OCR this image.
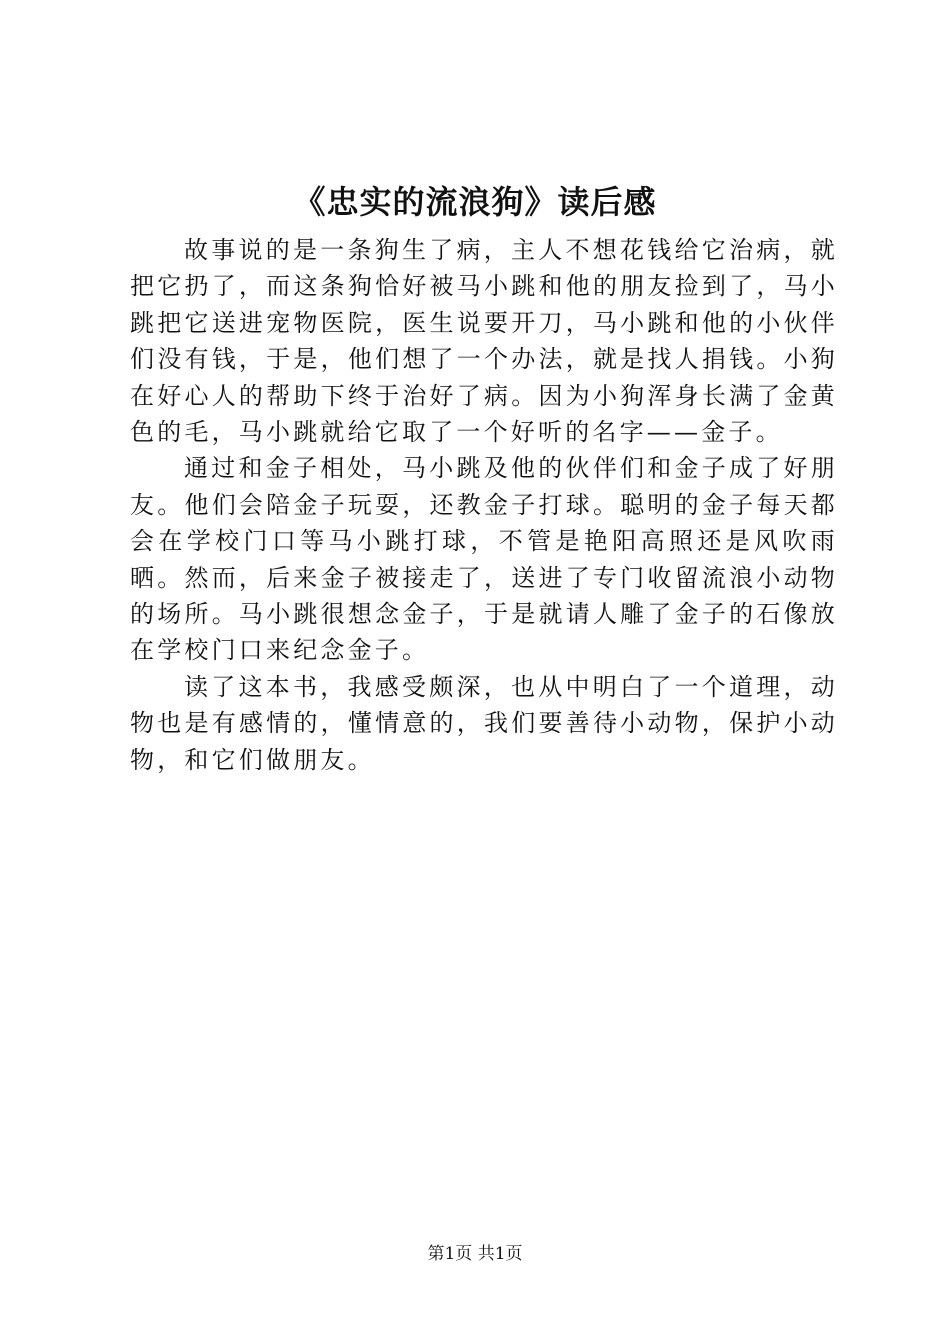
《忠实的流浪狗》读后感

故事说的是一条狗生了病，主人不想花钱给它治病，就把它扔了，而这条狗恰好被马小跳和他的朋友捡到了，马小跳把它送进宠物医院，医生说要开刀，马小跳和他的小伙伴们没有钱，于是，他们想了一个办法，就是找人捐钱。小狗在好心人的帮助下终于治好了病。因为小狗浑身长满了金黄色的毛，马小跳就给它取了一个好听的名字——金子。

通过和金子相处，马小跳及他的伙伴们和金子成了好朋友。他们会陪金子玩耍，还教金子打球。聪明的金子每天都会在学校门口等马小跳打球，不管是艳阳高照还是风吹雨晒。然而，后来金子被接走了，送进了专门收留流浪小动物的场所。马小跳很想念金子，于是就请人雕了金子的石像放在学校门口来纪念金子。

读了这本书，我感受颇深，也从中明白了一个道理，动物也是有感情的，懂情意的，我们要善待小动物，保护小动物，和它们做朋友。

第1页 共1页
